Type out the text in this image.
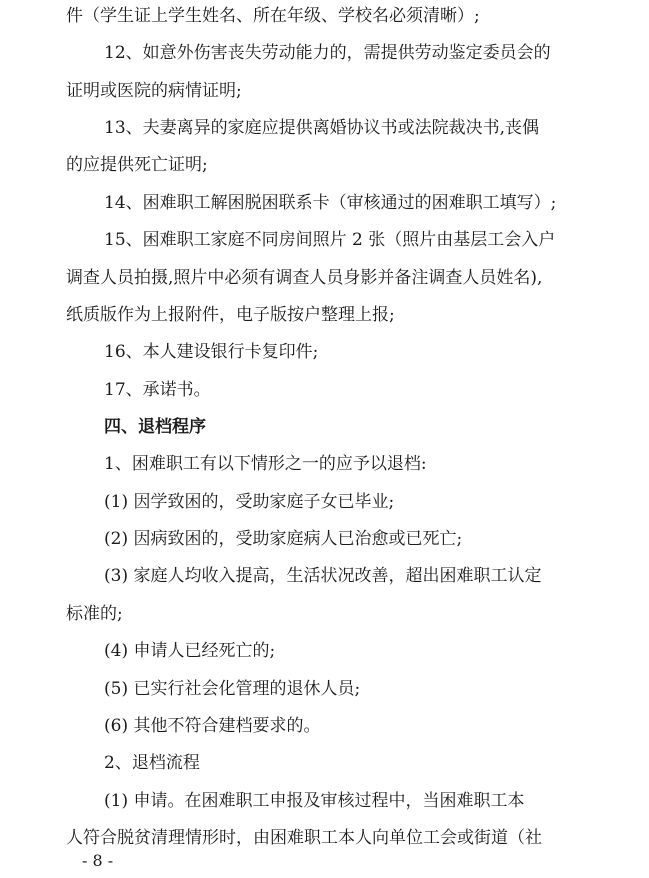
件（学生证上学生姓名、所在年级、学校名必须清晰）;
12、如意外伤害丧失劳动能力的，需提供劳动鉴定委员会的
证明或医院的病情证明;
13、夫妻离异的家庭应提供离婚协议书或法院裁决书,丧偶
的应提供死亡证明;
14、困难职工解困脱困联系卡（审核通过的困难职工填写）;
15、困难职工家庭不同房间照片 2 张（照片由基层工会入户
调查人员拍摄,照片中必须有调查人员身影并备注调查人员姓名),
纸质版作为上报附件，电子版按户整理上报;
16、本人建设银行卡复印件;
17、承诺书。
四、退档程序
1、困难职工有以下情形之一的应予以退档:
(1) 因学致困的，受助家庭子女已毕业;
(2) 因病致困的，受助家庭病人已治愈或已死亡;
(3) 家庭人均收入提高，生活状况改善，超出困难职工认定
标准的;
(4) 申请人已经死亡的;
(5) 已实行社会化管理的退休人员;
(6) 其他不符合建档要求的。
2、退档流程
(1) 申请。在困难职工申报及审核过程中，当困难职工本
人符合脱贫清理情形时，由困难职工本人向单位工会或街道（社
- 8 -
